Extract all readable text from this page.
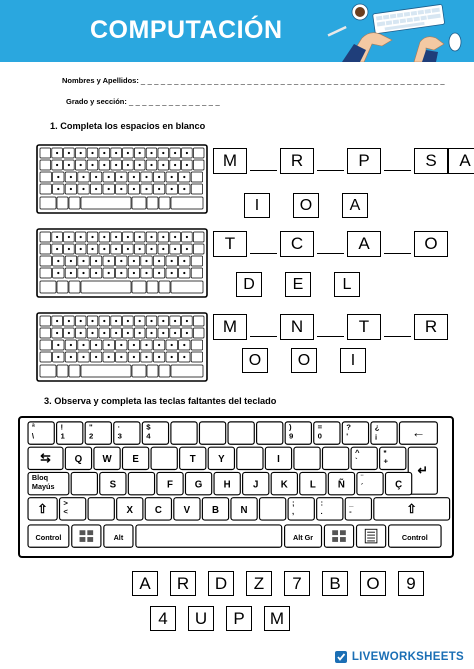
COMPUTACIÓN
Nombres y Apellidos: _ _ _ _ _ _ _ _ _ _ _ _ _ _ _ _ _ _ _ _ _ _ _ _ _ _ _ _ _ _ _ _ _ _ _ _ _ _ _ _ _ _ _ _ _ _
Grado y sección: _ _ _ _ _ _ _ _ _ _ _ _ _ _
1. Completa los espacios en blanco
M	R	P	S	A
I	O	A
T	C	A	O
D	E	L
M	N	T	R
O	O	I
3. Observa y completa las teclas faltantes del teclado
ª
\
!
1
"
2
·
3
$
4
)
9
=
0
?
'
¿
¡ ←
⇆ Q W E	T Y	I
^
`
*
+
↵
Bloq
Mayús	S	F G H J K L Ñ
¨
´	Ç
⇧ >
<	X C V B N
;
,
:
.
_
-	⇧
Control	Alt	Alt Gr	Control
A	R	D	Z	7	B	O	9
4	U	P	M
LIVEWORKSHEETS
